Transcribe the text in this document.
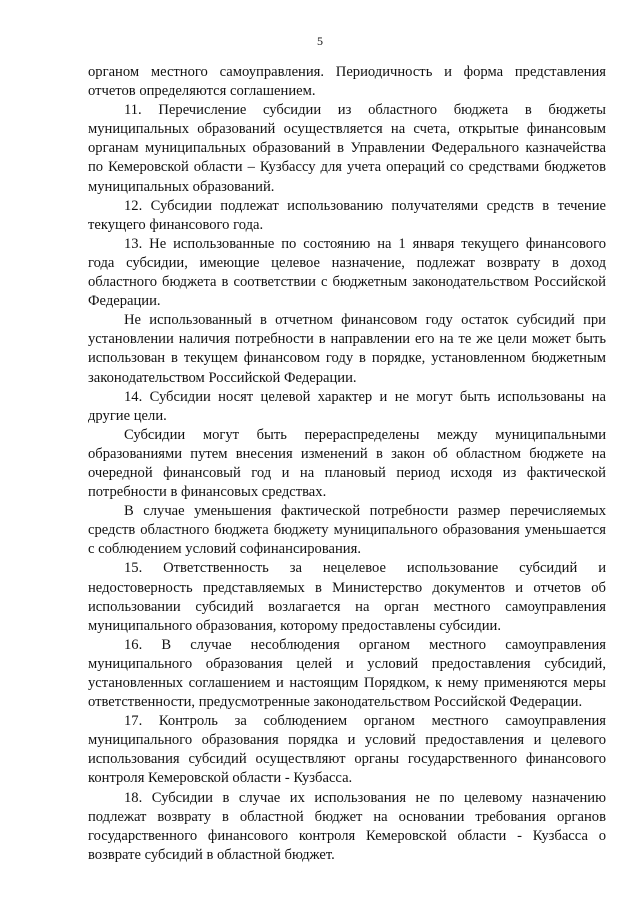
5

органом местного самоуправления. Периодичность и форма представления отчетов определяются соглашением.

11. Перечисление субсидии из областного бюджета в бюджеты муниципальных образований осуществляется на счета, открытые финансовым органам муниципальных образований в Управлении Федерального казначейства по Кемеровской области – Кузбассу для учета операций со средствами бюджетов муниципальных образований.

12. Субсидии подлежат использованию получателями средств в течение текущего финансового года.

13. Не использованные по состоянию на 1 января текущего финансового года субсидии, имеющие целевое назначение, подлежат возврату в доход областного бюджета в соответствии с бюджетным законодательством Российской Федерации.

Не использованный в отчетном финансовом году остаток субсидий при установлении наличия потребности в направлении его на те же цели может быть использован в текущем финансовом году в порядке, установленном бюджетным законодательством Российской Федерации.

14. Субсидии носят целевой характер и не могут быть использованы на другие цели.

Субсидии могут быть перераспределены между муниципальными образованиями путем внесения изменений в закон об областном бюджете на очередной финансовый год и на плановый период исходя из фактической потребности в финансовых средствах.

В случае уменьшения фактической потребности размер перечисляемых средств областного бюджета бюджету муниципального образования уменьшается с соблюдением условий софинансирования.

15. Ответственность за нецелевое использование субсидий и недостоверность представляемых в Министерство документов и отчетов об использовании субсидий возлагается на орган местного самоуправления муниципального образования, которому предоставлены субсидии.

16. В случае несоблюдения органом местного самоуправления муниципального образования целей и условий предоставления субсидий, установленных соглашением и настоящим Порядком, к нему применяются меры ответственности, предусмотренные законодательством Российской Федерации.

17. Контроль за соблюдением органом местного самоуправления муниципального образования порядка и условий предоставления и целевого использования субсидий осуществляют органы государственного финансового контроля Кемеровской области - Кузбасса.

18. Субсидии в случае их использования не по целевому назначению подлежат возврату в областной бюджет на основании требования органов государственного финансового контроля Кемеровской области - Кузбасса о возврате субсидий в областной бюджет.
